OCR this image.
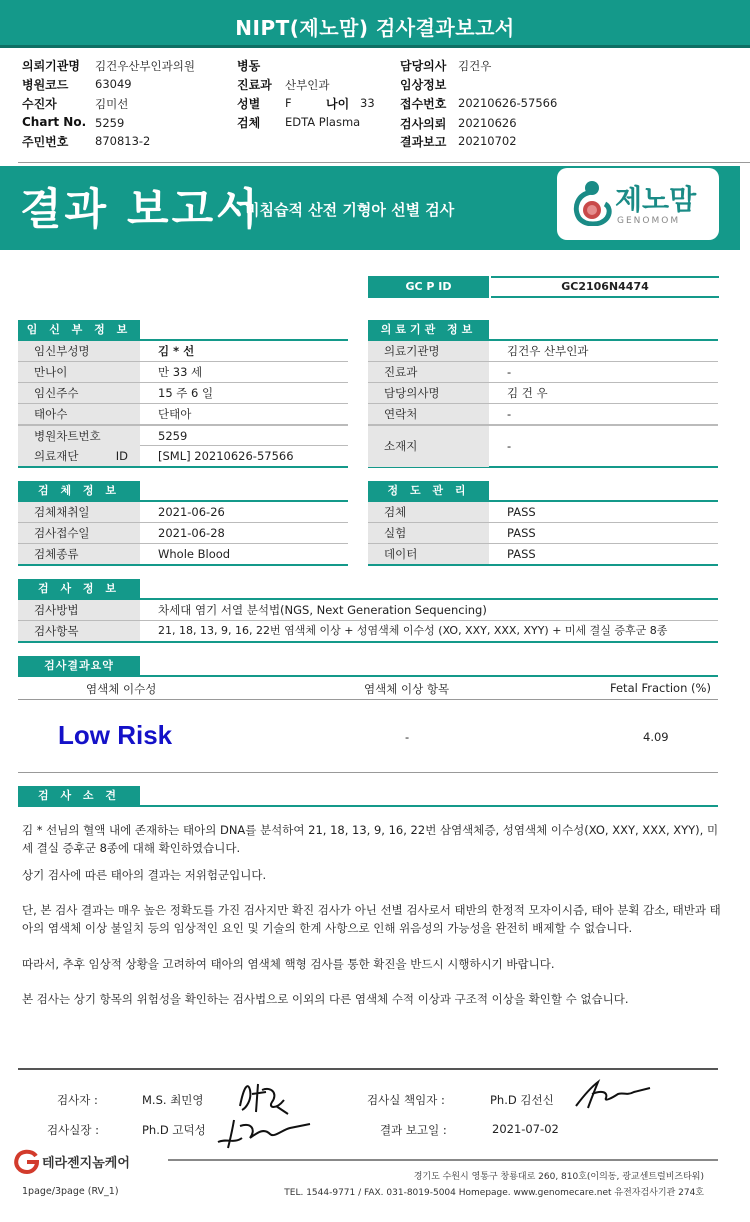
NIPT(제노맘) 검사결과보고서
의뢰기관명 김건우산부인과의원
병원코드 63049
수진자	김미선
Chart No. 5259
주민번호 870813-2
병동
진료과 산부인과
성별 F	나이 33
검체 EDTA Plasma
담당의사 김건우
임상정보
접수번호 20210626-57566
검사의뢰 20210626
결과보고 20210702
결과 보고서
비침습적 산전 기형아 선별 검사	제노맘
GENOMOM
GC P ID	GC2106N4474
임 신 부 정 보
임신부성명	김 * 선
만나이	만 33 세
임신주수	15 주 6 일
태아수	단태아
병원차트번호	5259
의료재단 ID	[SML] 20210626-57566
의료기관 정보
의료기관명	김건우 산부인과
진료과	-
담당의사명	김 건 우
연락처	-
소재지	-
검 체 정 보
검체채취일	2021-06-26
검사접수일	2021-06-28
검체종류	Whole Blood
정 도 관 리
검체	PASS
실험	PASS
데이터	PASS
검 사 정 보
검사방법	차세대 염기 서열 분석법(NGS, Next Generation Sequencing)
검사항목	21, 18, 13, 9, 16, 22번 염색체 이상 + 성염색체 이수성 (XO, XXY, XXX, XYY) + 미세 결실 증후군 8종
검사결과요약
염색체 이수성	염색체 이상 항목	Fetal Fraction (%)
Low Risk	-	4.09
검 사 소 견
김 * 선님의 혈액 내에 존재하는 태아의 DNA를 분석하여 21, 18, 13, 9, 16, 22번 삼염색체증, 성염색체 이수성(XO, XXY, XXX, XYY), 미세 결실 증후군 8종에 대해 확인하였습니다.
상기 검사에 따른 태아의 결과는 저위험군입니다.
단, 본 검사 결과는 매우 높은 정확도를 가진 검사지만 확진 검사가 아닌 선별 검사로서 태반의 한정적 모자이시즘, 태아 분획 감소, 태반과 태아의 염색체 이상 불일치 등의 임상적인 요인 및 기술의 한계 사항으로 인해 위음성의 가능성을 완전히 배제할 수 없습니다.
따라서, 추후 임상적 상황을 고려하여 태아의 염색체 핵형 검사를 통한 확진을 반드시 시행하시기 바랍니다.
본 검사는 상기 항목의 위험성을 확인하는 검사법으로 이외의 다른 염색체 수적 이상과 구조적 이상을 확인할 수 없습니다.
검사자 :	M.S. 최민영	검사실 책임자 :	Ph.D 김선신
검사실장 :	Ph.D 고덕성	결과 보고일 :	2021-07-02
테라젠지놈케어
경기도 수원시 영통구 창룡대로 260, 810호(이의동, 광교센트럴비즈타워)
TEL. 1544-9771 / FAX. 031-8019-5004 Homepage. www.genomecare.net 유전자검사기관 274호
1page/3page (RV_1)
